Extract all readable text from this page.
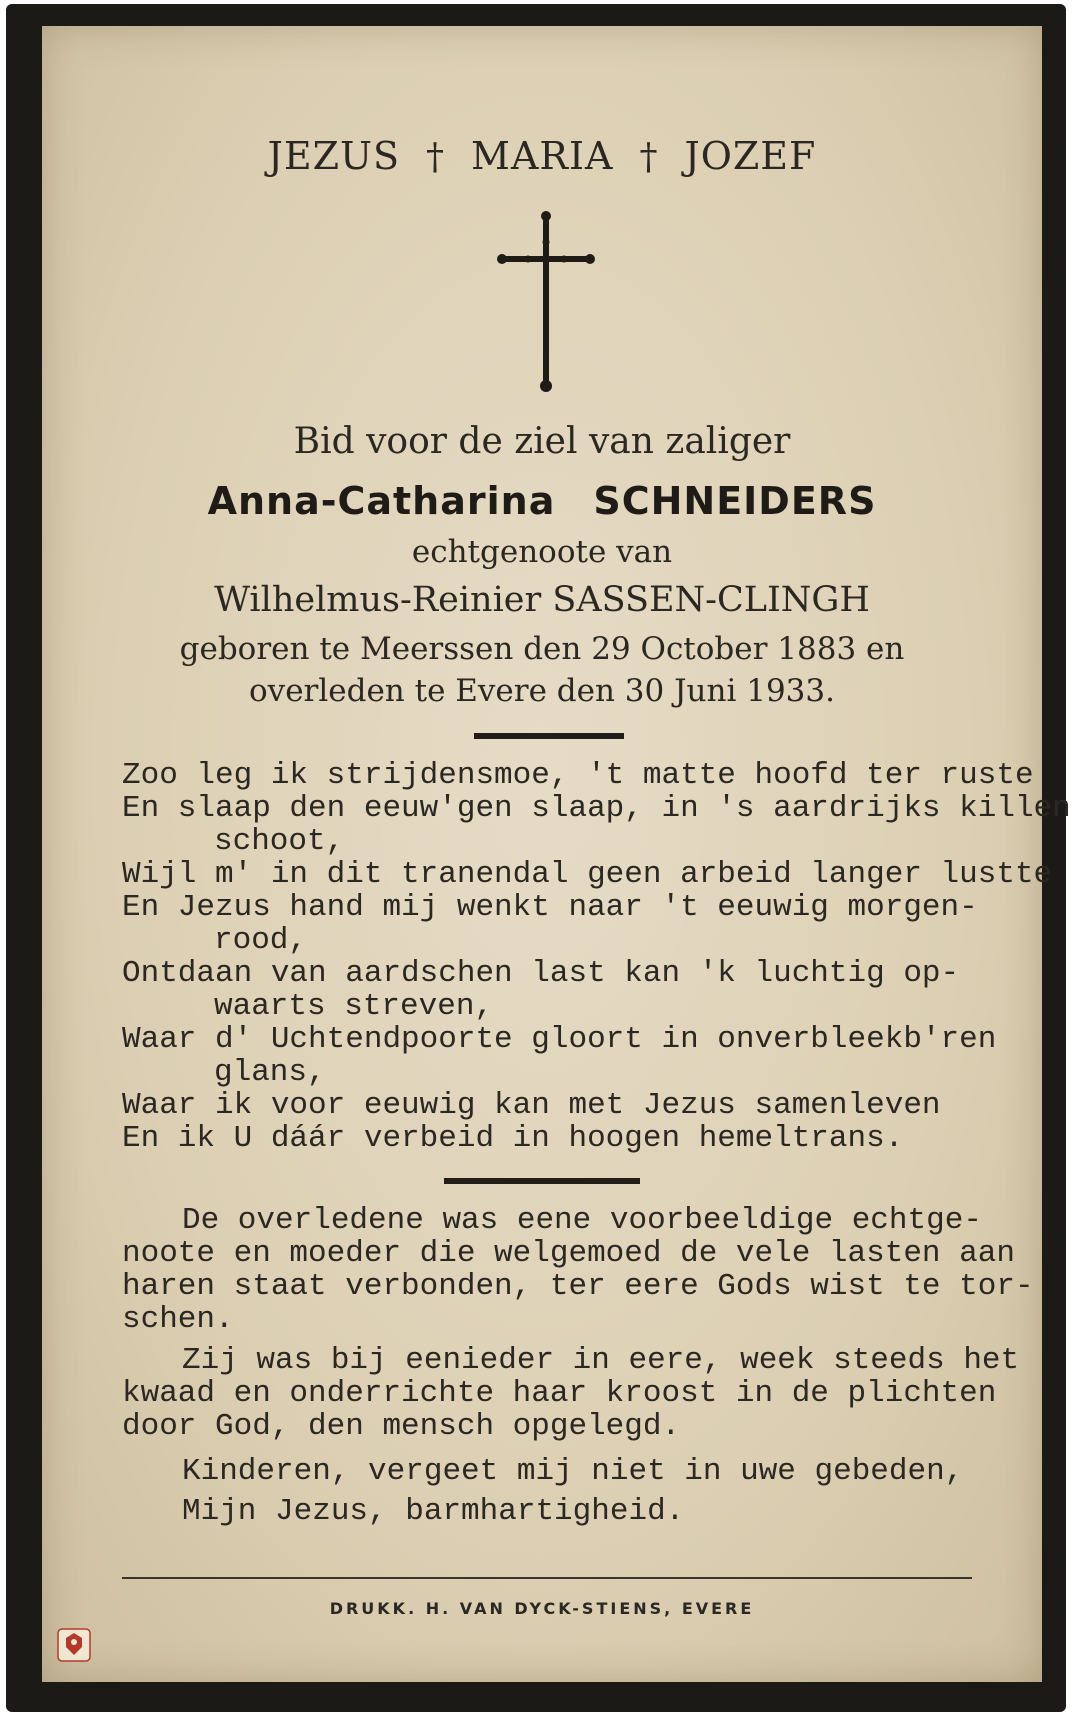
JEZUS † MARIA † JOZEF
Bid voor de ziel van zaliger
Anna-Catharina SCHNEIDERS
echtgenoote van
Wilhelmus-Reinier SASSEN-CLINGH
geboren te Meerssen den 29 October 1883 en
overleden te Evere den 30 Juni 1933.
Zoo leg ik strijdensmoe, 't matte hoofd ter ruste
En slaap den eeuw'gen slaap, in 's aardrijks killen
schoot,
Wijl m' in dit tranendal geen arbeid langer lustte
En Jezus hand mij wenkt naar 't eeuwig morgen-
rood,
Ontdaan van aardschen last kan 'k luchtig op-
waarts streven,
Waar d' Uchtendpoorte gloort in onverbleekb'ren
glans,
Waar ik voor eeuwig kan met Jezus samenleven
En ik U dáár verbeid in hoogen hemeltrans.
De overledene was eene voorbeeldige echtge-
noote en moeder die welgemoed de vele lasten aan
haren staat verbonden, ter eere Gods wist te tor-
schen.
Zij was bij eenieder in eere, week steeds het
kwaad en onderrichte haar kroost in de plichten
door God, den mensch opgelegd.
Kinderen, vergeet mij niet in uwe gebeden,
Mijn Jezus, barmhartigheid.
DRUKK. H. VAN DYCK-STIENS, EVERE
